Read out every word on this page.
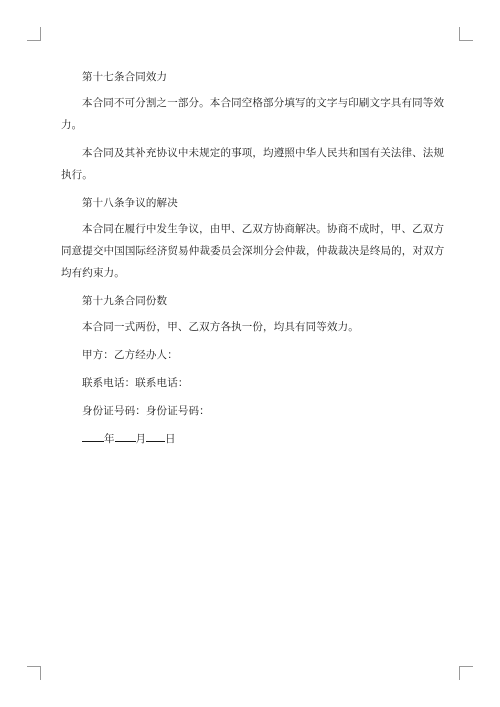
第十七条合同效力

本合同不可分割之一部分。本合同空格部分填写的文字与印刷文字具有同等效力。

本合同及其补充协议中未规定的事项，均遵照中华人民共和国有关法律、法规执行。

第十八条争议的解决

本合同在履行中发生争议，由甲、乙双方协商解决。协商不成时，甲、乙双方同意提交中国国际经济贸易仲裁委员会深圳分会仲裁，仲裁裁决是终局的，对双方均有约束力。

第十九条合同份数

本合同一式两份，甲、乙双方各执一份，均具有同等效力。

甲方：乙方经办人：

联系电话：联系电话：

身份证号码：身份证号码：

年 月 日
